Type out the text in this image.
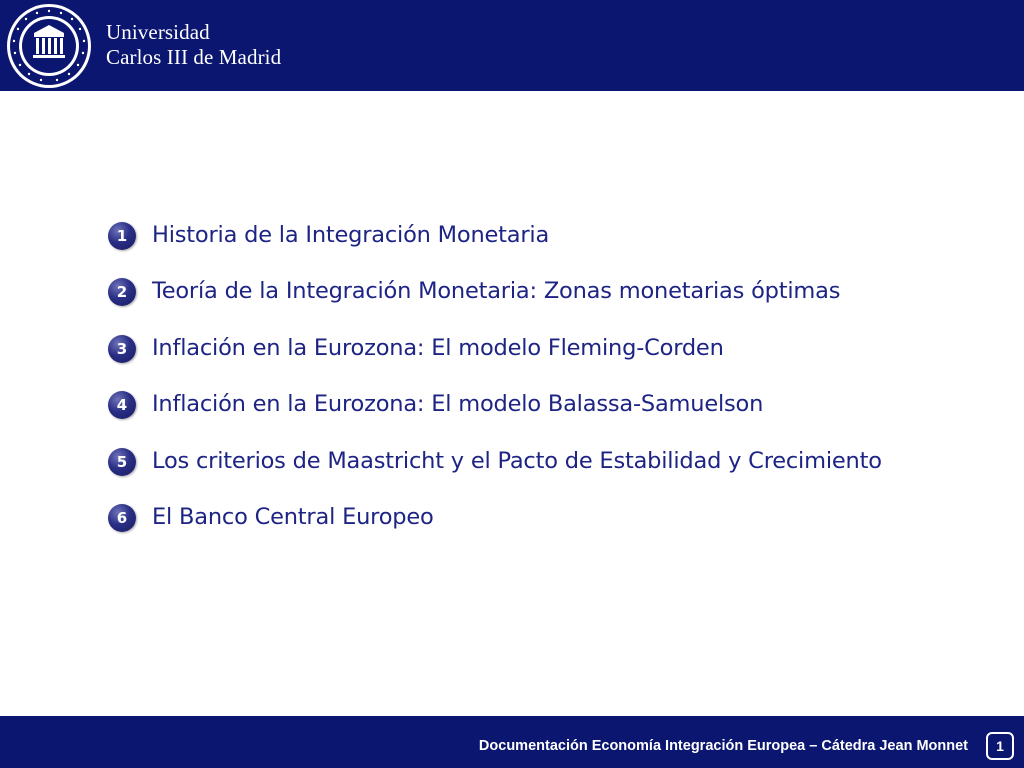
Universidad
Carlos III de Madrid
1	Historia de la Integración Monetaria
2	Teoría de la Integración Monetaria: Zonas monetarias óptimas
3	Inflación en la Eurozona: El modelo Fleming-Corden
4	Inflación en la Eurozona: El modelo Balassa-Samuelson
5	Los criterios de Maastricht y el Pacto de Estabilidad y Crecimiento
6	El Banco Central Europeo
Documentación Economía Integración Europea – Cátedra Jean Monnet	1
